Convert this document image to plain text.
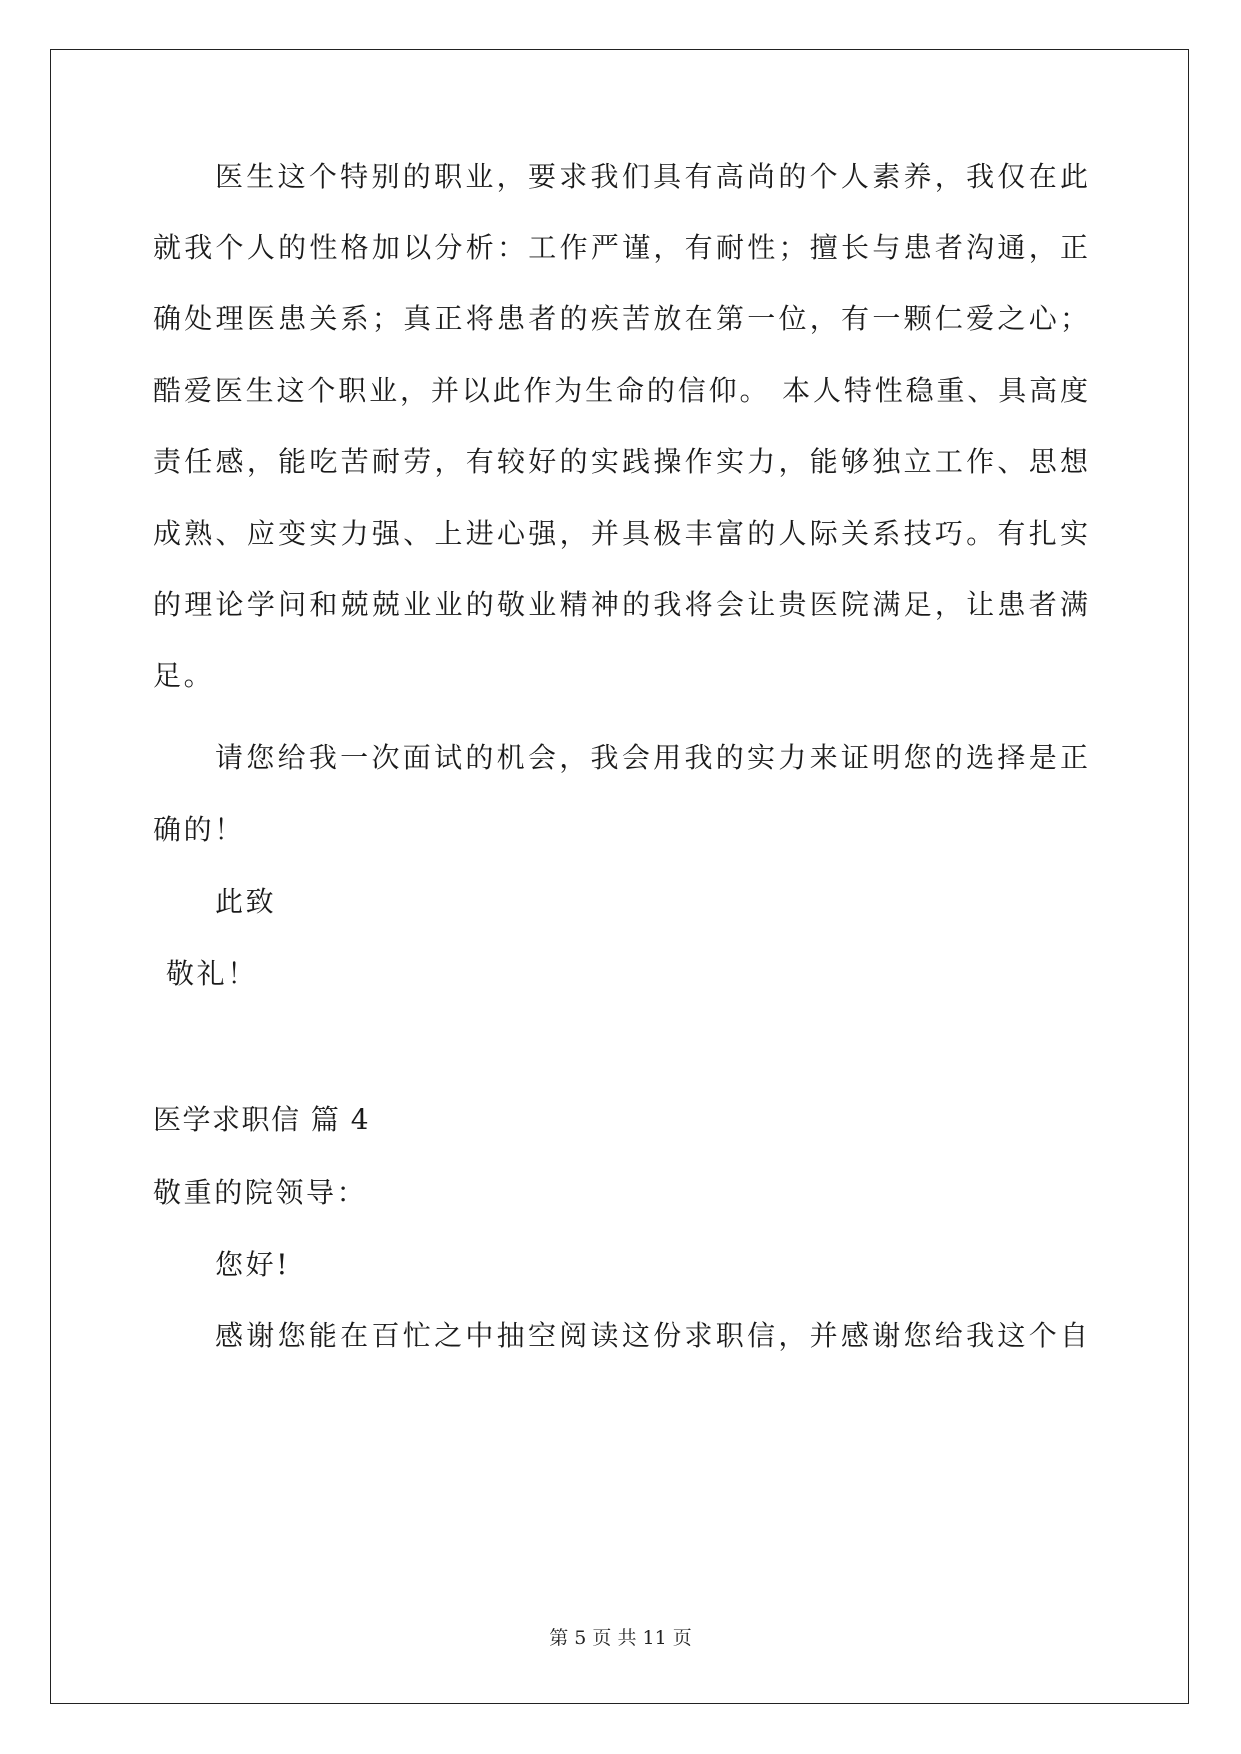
医生这个特别的职业，要求我们具有高尚的个人素养，我仅在此
就我个人的性格加以分析：工作严谨，有耐性；擅长与患者沟通，正
确处理医患关系；真正将患者的疾苦放在第一位，有一颗仁爱之心；
酷爱医生这个职业，并以此作为生命的信仰。 本人特性稳重、具高度
责任感，能吃苦耐劳，有较好的实践操作实力，能够独立工作、思想
成熟、应变实力强、上进心强，并具极丰富的人际关系技巧。有扎实
的理论学问和兢兢业业的敬业精神的我将会让贵医院满足，让患者满
足。
请您给我一次面试的机会，我会用我的实力来证明您的选择是正
确的！
此致
敬礼！
医学求职信 篇 4
敬重的院领导：
您好!
感谢您能在百忙之中抽空阅读这份求职信，并感谢您给我这个自
第 5 页 共 11 页
